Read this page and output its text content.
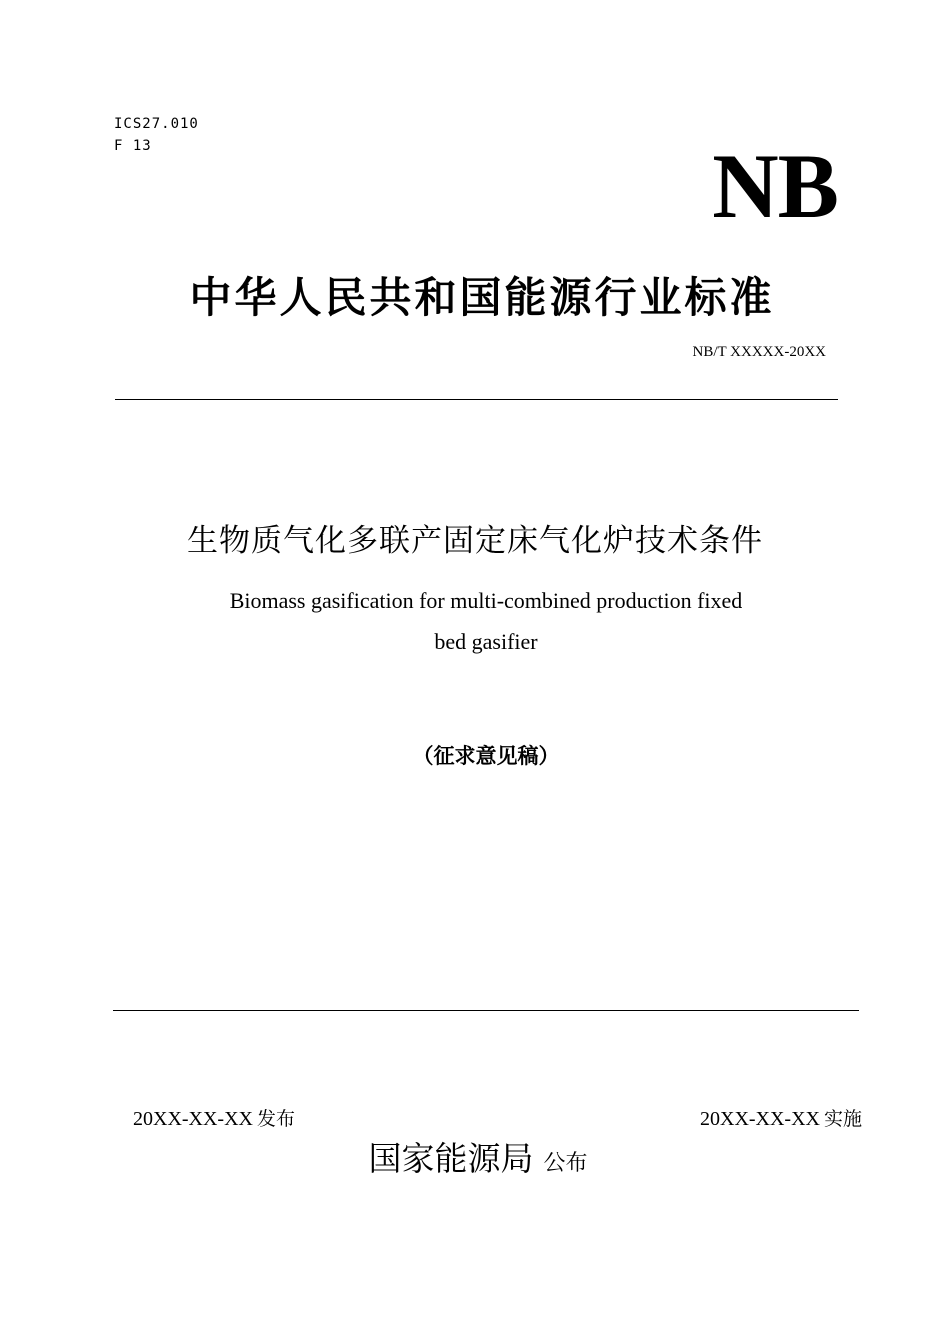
ICS27.010
F 13	NB
中华人民共和国能源行业标准
NB/T XXXXX-20XX
生物质气化多联产固定床气化炉技术条件
Biomass gasification for multi-combined production fixed
bed gasifier
（征求意见稿）
20XX-XX-XX 发布	20XX-XX-XX 实施
国家能源局 公布
